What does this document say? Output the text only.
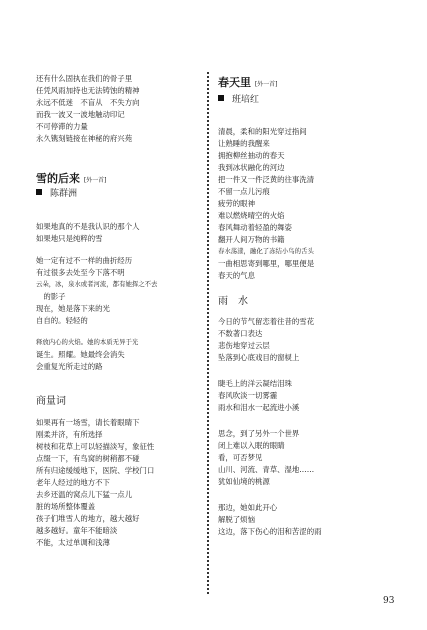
还有什么固执在我们的骨子里
任凭风雨加持也无法铸蚀的精神
永远不低迷　不盲从　不失方向
而我一波又一波地触动印记
不可停滞的力量
永久镌刻链接在神秘的府兴苑
雪的后来 [外一首]
陈群洲
如果地真的不是我认识的那个人
如果地只是纯粹的雪
她一定有过不一样的曲折经历
有过很多去处至今下落不明
云朵，冰，泉水或者河流，都有她挥之不去
　的影子
现在，她是落下来的光
自自的。轻轻的
释放内心的火焰。她的本质无异于光
诞生。照耀。她最终会消失
会重复光所走过的路
商量词
如果再有一场雪，请长着眼睛下
刚柔并济，有所选择
树枝和花草上可以轻描淡写，象征性
点缀一下，有鸟窝的树稍都不碰
所有归途缓缓地下，医院、学校门口
老年人经过的地方不下
去乡还温的窝点儿下猛一点儿
脏的场所整体覆盖
孩子们堆雪人的地方，越大越好
越多越好。童年不能暗淡
不能，太过单调和浅薄
春天里 [外一首]
班培红
清晨，柔和的阳光穿过指间
让熟睡的我醒来
拥抱柳丝抽动的春天
我到冰状融化的河边
把一件又一件泛黄的往事洗清
不留一点儿污痕
疲劳的眼神
难以燃烧晴空的火焰
春风舞动着轻盈的舞姿
翻开人间万物的书籍
春水荡漾，融化了冻结小鸟的舌头
一曲相思寄到哪里，哪里便是
春天的气息
雨　水
今日的节气留恋着往昔的雪花
不数著口表达
悲伤地穿过云层
坠落到心底戏目的窗棂上
睫毛上的洋云凝结泪珠
春风吹淡一切雾霾
雨水和泪水一起流进小溪
思念，到了另外一个世界
闭上难以入眠的眼睛
看，可否梦见
山川、河流、青草、湿地……
犹如仙境的桃源
那边，她如此开心
解脱了烦恼
这边，落下伤心的泪和苦涩的雨
93
